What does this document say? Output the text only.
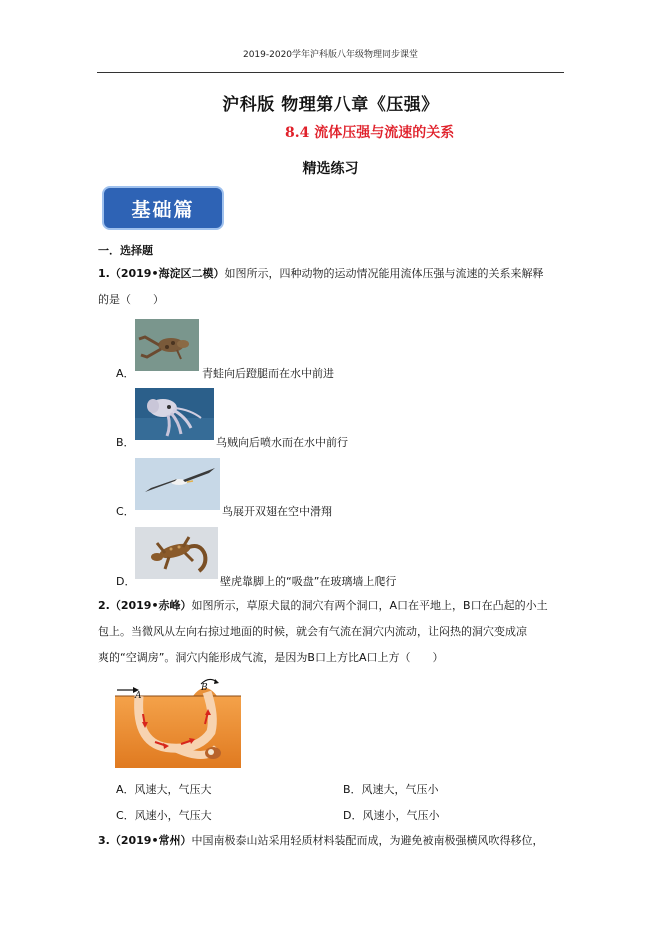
2019-2020学年沪科版八年级物理同步课堂
沪科版 物理第八章《压强》
8.4 流体压强与流速的关系
精选练习
基础篇
一．选择题
1.（2019•海淀区二模）如图所示，四种动物的运动情况能用流体压强与流速的关系来解释
的是（　　）
A．	青蛙向后蹬腿而在水中前进
B．	乌贼向后喷水而在水中前行
C．	鸟展开双翅在空中滑翔
D．	壁虎靠脚上的“吸盘”在玻璃墙上爬行
2.（2019•赤峰）如图所示，草原犬鼠的洞穴有两个洞口，A口在平地上，B口在凸起的小土
包上。当微风从左向右掠过地面的时候，就会有气流在洞穴内流动，让闷热的洞穴变成凉
爽的“空调房”。洞穴内能形成气流，是因为B口上方比A口上方（　　）
A
B
A．风速大，气压大	B．风速大，气压小
C．风速小，气压大	D．风速小，气压小
3.（2019•常州）中国南极泰山站采用轻质材料装配而成，为避免被南极强横风吹得移位，
